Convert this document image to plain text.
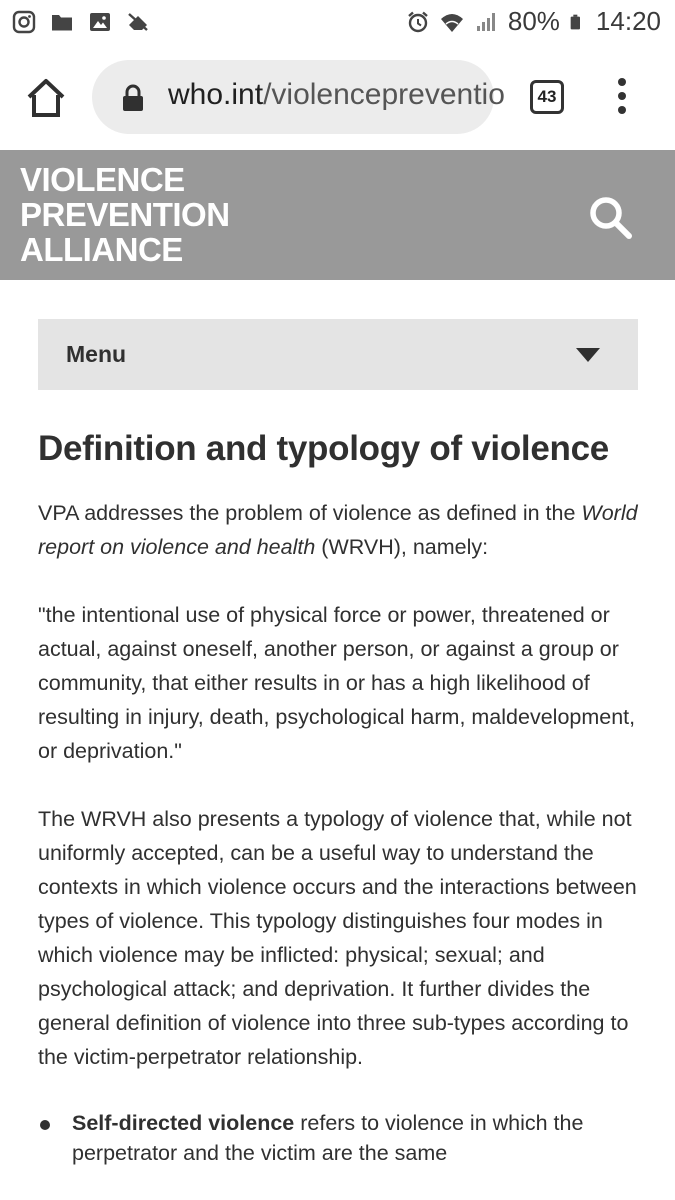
80% 14:20
who.int/violencepreventio	43
VIOLENCE
PREVENTION
ALLIANCE
Menu
Definition and typology of violence

VPA addresses the problem of violence as defined in the World report on violence and health (WRVH), namely:

"the intentional use of physical force or power, threatened or actual, against oneself, another person, or against a group or community, that either results in or has a high likelihood of resulting in injury, death, psychological harm, maldevelopment, or deprivation."

The WRVH also presents a typology of violence that, while not uniformly accepted, can be a useful way to understand the contexts in which violence occurs and the interactions between types of violence. This typology distinguishes four modes in which violence may be inflicted: physical; sexual; and psychological attack; and deprivation. It further divides the general definition of violence into three sub-types according to the victim-perpetrator relationship.

Self-directed violence refers to violence in which the perpetrator and the victim are the same
